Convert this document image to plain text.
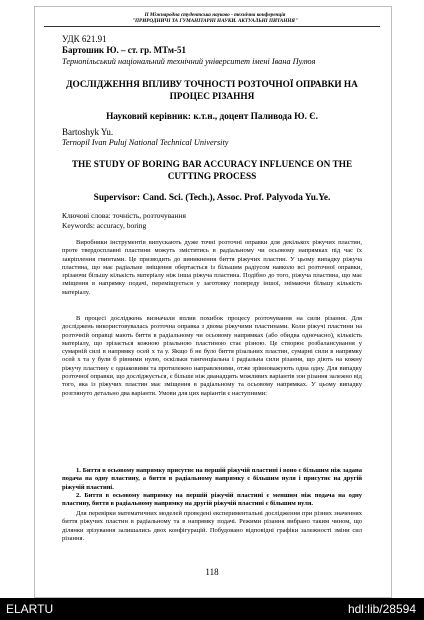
II Міжнародна студентська науково - технічна конференція
"ПРИРОДНИЧІ ТА ГУМАНІТАРНІ НАУКИ. АКТУАЛЬНІ ПИТАННЯ"
УДК 621.91
Бартошик Ю. – ст. гр. МТм-51
Тернопільський національний технічний університет імені Івана Пулюя
ДОСЛІДЖЕННЯ ВПЛИВУ ТОЧНОСТІ РОЗТОЧНОЇ ОПРАВКИ НА ПРОЦЕС РІЗАННЯ
Науковий керівник: к.т.н., доцент Паливода Ю. Є.
Bartoshyk Yu.
Ternopil Ivan Puluj National Technical University
THE STUDY OF BORING BAR ACCURACY INFLUENCE ON THE CUTTING PROCESS
Supervisor: Cand. Sci. (Tech.), Assoc. Prof. Palyvoda Yu.Ye.
Ключові слова: точність, розточування
Keywords: accuracy, boring

Виробники інструментів випускають дуже точні розточні оправки для декількох ріжучих пластин, проте твердосплавні пластини можуть зміститись в радіальному чи осьовому напрямках під час їх закріплення гвинтами. Це призводить до виникнення биття ріжучих пластин. У цьому випадку ріжуча пластина, що має радіальне зміщення обертається із більшим радіусом навколо всі розточної оправки, зрізаючи більшу кількість матеріалу ніж інша ріжуча пластина. Подібно до того, ріжуча пластина, що має зміщення в напрямку подачі, переміщується у заготовку попереду іншої, знімаючи більшу кількість матеріалу.

В процесі досліджень визначали вплив похибок процесу розточування на сили різання. Для досліджень використовувалась розточна оправка з двома ріжучими пластинами. Коли ріжучі пластини на розточній оправці мають биття в радіальному чи осьовому напрямках (або обидва одночасно), кількість матеріалу, що зрізається кожною різальною пластиною стає різною. Це створює розбалансування у сумарній силі в напрямку осей x та y. Якщо б не було биття різальних пластин, сумарні сили в напрямку осей x та y були б рівними нулю, оскільки тангенціальна і радіальна сили різання, що діють на кожну ріжучу пластину є однаковими та протилежно направленими, отже зрівноважують одна одну. Для випадку розточної оправки, що досліджується, є більше ніж дванадцять можливих варіантів зон різання залежно від того, яка із ріжучих пластин має зміщення в радіальному та осьовому напрямках. У цьому випадку розглянуто детально два варіанти. Умови для цих варіантів є наступними:

1. Биття в осьовому напрямку присутнє на першій ріжучій пластині і воно є більшим ніж задана подача на одну пластину, а биття в радіальному напрямку є більшим нуля і присутнє на другій ріжучій пластині.

2. Биття в осьовому напрямку на першій ріжучій пластині є меншим ніж подача на одну пластину, биття в радіальному напрямку на другій ріжучій пластині є більшим нуля.

Для перевірки математичних моделей проведені експериментальні дослідження при різних значеннях биття ріжучих пластин в радіальному та в напрямку подачі. Режими різання вибрано таким чином, що ділянки зрізування залишались двох конфігурацій. Побудовано відповідні графіки залежності зміни сил різання.

118
ELARTU	hdl:lib/28594
